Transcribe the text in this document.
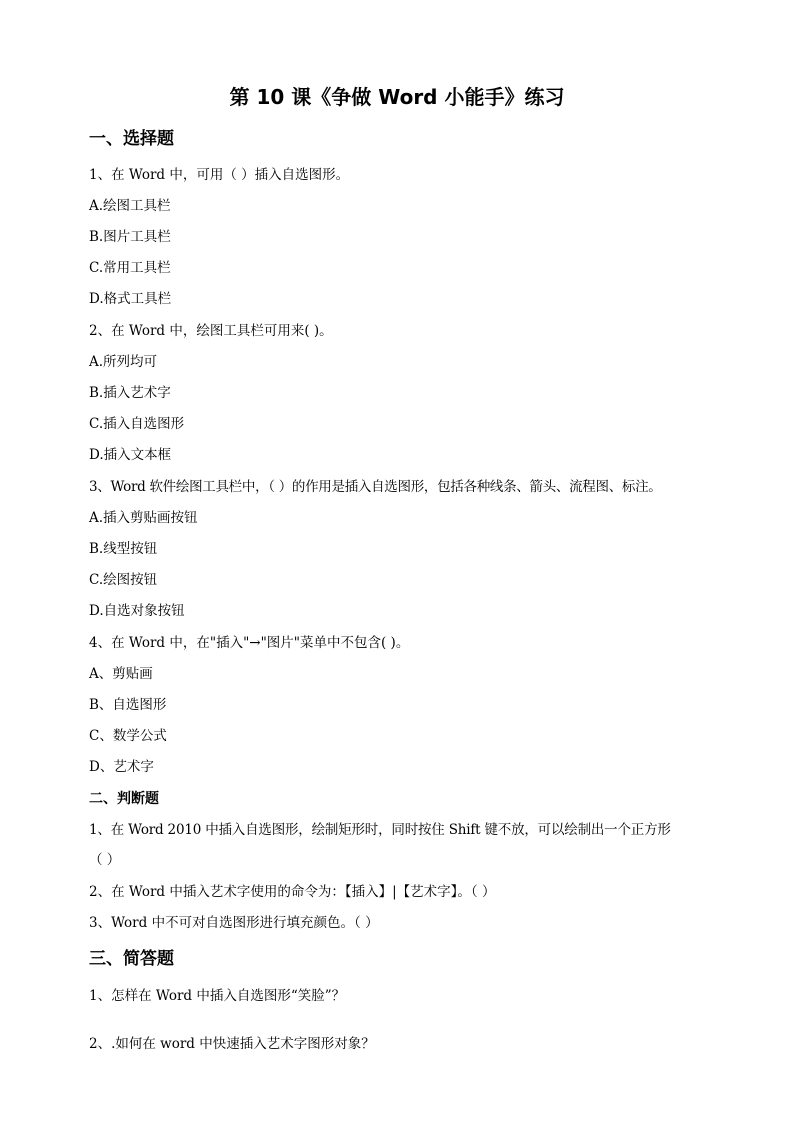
第 10 课《争做 Word 小能手》练习
一、选择题
1、在 Word 中，可用（ ）插入自选图形。
A.绘图工具栏
B.图片工具栏
C.常用工具栏
D.格式工具栏
2、在 Word 中，绘图工具栏可用来( )。
A.所列均可
B.插入艺术字
C.插入自选图形
D.插入文本框
3、Word 软件绘图工具栏中，（ ）的作用是插入自选图形，包括各种线条、箭头、流程图、标注。
A.插入剪贴画按钮
B.线型按钮
C.绘图按钮
D.自选对象按钮
4、在 Word 中，在"插入"→"图片"菜单中不包含( )。
A、剪贴画
B、自选图形
C、数学公式
D、艺术字
二、判断题
1、在 Word 2010 中插入自选图形，绘制矩形时，同时按住 Shift 键不放，可以绘制出一个正方形
（ ）
2、在 Word 中插入艺术字使用的命令为：【插入】|【艺术字】。（ ）
3、Word 中不可对自选图形进行填充颜色。（ ）
三、简答题
1、怎样在 Word 中插入自选图形“笑脸”？
2、.如何在 word 中快速插入艺术字图形对象？
